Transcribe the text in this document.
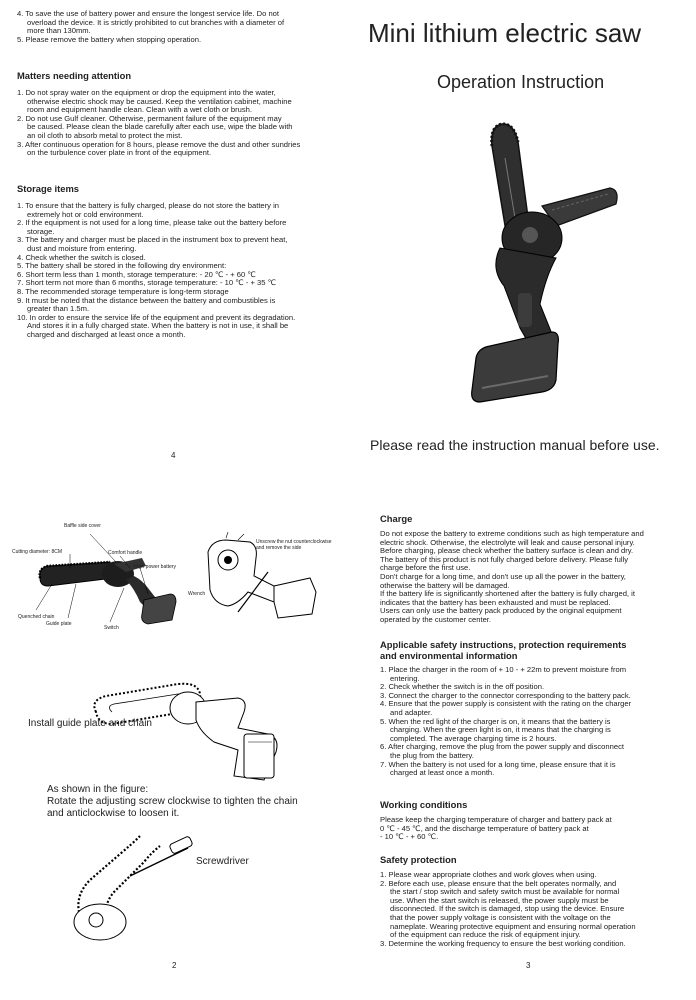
4. To save the use of battery power and ensure the longest service life. Do not
overload the device. It is strictly prohibited to cut branches with a diameter of
more than 130mm.
5. Please remove the battery when stopping operation.
Matters needing attention
1. Do not spray water on the equipment or drop the equipment into the water,
otherwise electric shock may be caused. Keep the ventilation cabinet, machine
room and equipment handle clean. Clean with a wet cloth or brush.
2. Do not use Gulf cleaner. Otherwise, permanent failure of the equipment may
be caused. Please clean the blade carefully after each use, wipe the blade with
an oil cloth to absorb metal to protect the mist.
3. After continuous operation for 8 hours, please remove the dust and other sundries
on the turbulence cover plate in front of the equipment.
Storage items
1. To ensure that the battery is fully charged, please do not store the battery in
extremely hot or cold environment.
2. If the equipment is not used for a long time, please take out the battery before
storage.
3. The battery and charger must be placed in the instrument box to prevent heat,
dust and moisture from entering.
4. Check whether the switch is closed.
5. The battery shall be stored in the following dry environment:
6. Short term less than 1 month, storage temperature: - 20 ℃ - + 60 ℃
7. Short term not more than 6 months, storage temperature: - 10 ℃ - + 35 ℃
8. The recommended storage temperature is long-term storage
9. It must be noted that the distance between the battery and combustibles is
greater than 1.5m.
10. In order to ensure the service life of the equipment and prevent its degradation.
And stores it in a fully charged state. When the battery is not in use, it shall be
charged and discharged at least once a month.
4
Mini lithium electric saw
Operation Instruction
Please read the instruction manual before use.
Baffle side cover
Cutting diameter: 8CM	Comfort handle
High power battery
Quenched chain
Guide plate
Switch
Unscrew the nut counterclockwise
and remove the side
Wrench
Install guide plate and chain
As shown in the figure:
Rotate the adjusting screw clockwise to tighten the chain
and anticlockwise to loosen it.
Screwdriver
2
Charge
Do not expose the battery to extreme conditions such as high temperature and
electric shock. Otherwise, the electrolyte will leak and cause personal injury.
Before charging, please check whether the battery surface is clean and dry.
The battery of this product is not fully charged before delivery. Please fully
charge before the first use.
Don't charge for a long time, and don't use up all the power in the battery,
otherwise the battery will be damaged.
If the battery life is significantly shortened after the battery is fully charged, it
indicates that the battery has been exhausted and must be replaced.
Users can only use the battery pack produced by the original equipment
operated by the customer center.
Applicable safety instructions, protection requirements
and environmental information
1. Place the charger in the room of + 10 - + 22m to prevent moisture from
entering.
2. Check whether the switch is in the off position.
3. Connect the charger to the connector corresponding to the battery pack.
4. Ensure that the power supply is consistent with the rating on the charger
and adapter.
5. When the red light of the charger is on, it means that the battery is
charging. When the green light is on, it means that the charging is
completed. The average charging time is 2 hours.
6. After charging, remove the plug from the power supply and disconnect
the plug from the battery.
7. When the battery is not used for a long time, please ensure that it is
charged at least once a month.
Working conditions
Please keep the charging temperature of charger and battery pack at
0 ℃ - 45 ℃, and the discharge temperature of battery pack at
- 10 ℃ - + 60 ℃.
Safety protection
1. Please wear appropriate clothes and work gloves when using.
2. Before each use, please ensure that the belt operates normally, and
the start / stop switch and safety switch must be available for normal
use. When the start switch is released, the power supply must be
disconnected. If the switch is damaged, stop using the device. Ensure
that the power supply voltage is consistent with the voltage on the
nameplate. Wearing protective equipment and ensuring normal operation
of the equipment can reduce the risk of equipment injury.
3. Determine the working frequency to ensure the best working condition.
3
